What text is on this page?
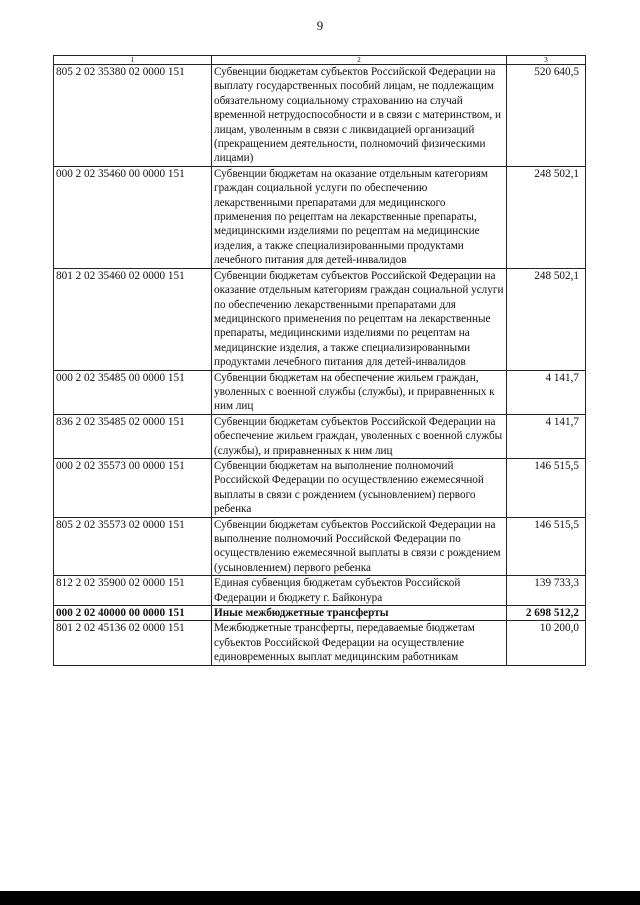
9
1	2	3
805 2 02 35380 02 0000 151	Субвенции бюджетам субъектов Российской Федерации на выплату государственных пособий лицам, не подлежащим обязательному социальному страхованию на случай временной нетрудоспособности и в связи с материнством, и лицам, уволенным в связи с ликвидацией организаций (прекращением деятельности, полномочий физическими лицами)	520 640,5
000 2 02 35460 00 0000 151	Субвенции бюджетам на оказание отдельным категориям граждан социальной услуги по обеспечению лекарственными препаратами для медицинского применения по рецептам на лекарственные препараты, медицинскими изделиями по рецептам на медицинские изделия, а также специализированными продуктами лечебного питания для детей-инвалидов	248 502,1
801 2 02 35460 02 0000 151	Субвенции бюджетам субъектов Российской Федерации на оказание отдельным категориям граждан социальной услуги по обеспечению лекарственными препаратами для медицинского применения по рецептам на лекарственные препараты, медицинскими изделиями по рецептам на медицинские изделия, а также специализированными продуктами лечебного питания для детей-инвалидов	248 502,1
000 2 02 35485 00 0000 151	Субвенции бюджетам на обеспечение жильем граждан, уволенных с военной службы (службы), и приравненных к ним лиц	4 141,7
836 2 02 35485 02 0000 151	Субвенции бюджетам субъектов Российской Федерации на обеспечение жильем граждан, уволенных с военной службы (службы), и приравненных к ним лиц	4 141,7
000 2 02 35573 00 0000 151	Субвенции бюджетам на выполнение полномочий Российской Федерации по осуществлению ежемесячной выплаты в связи с рождением (усыновлением) первого ребенка	146 515,5
805 2 02 35573 02 0000 151	Субвенции бюджетам субъектов Российской Федерации на выполнение полномочий Российской Федерации по осуществлению ежемесячной выплаты в связи с рождением (усыновлением) первого ребенка	146 515,5
812 2 02 35900 02 0000 151	Единая субвенция бюджетам субъектов Российской Федерации и бюджету г. Байконура	139 733,3
000 2 02 40000 00 0000 151	Иные межбюджетные трансферты	2 698 512,2
801 2 02 45136 02 0000 151	Межбюджетные трансферты, передаваемые бюджетам субъектов Российской Федерации на осуществление единовременных выплат медицинским работникам	10 200,0
